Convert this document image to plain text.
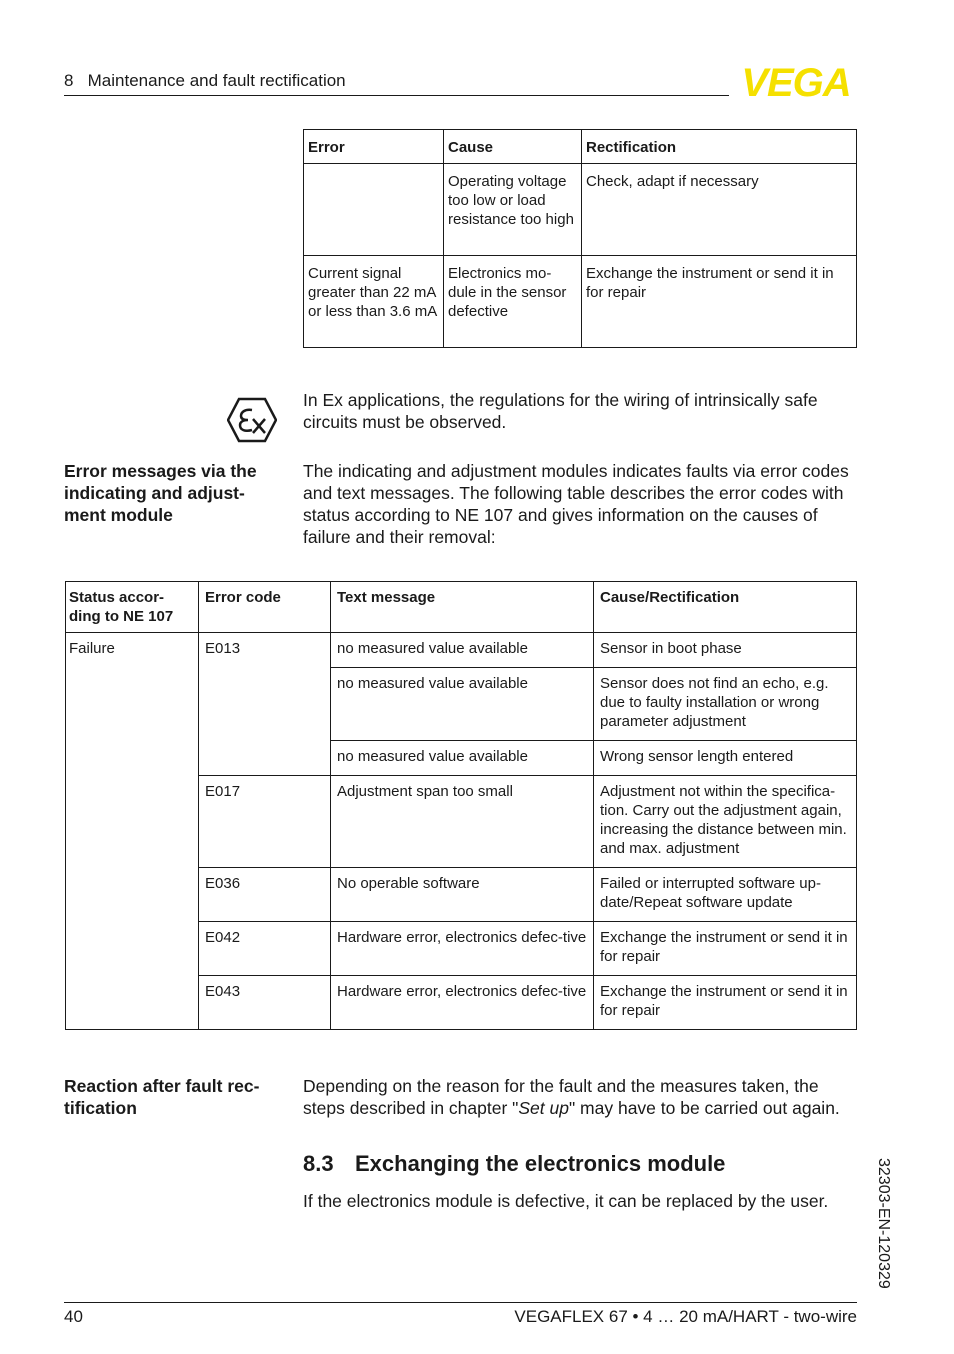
8 Maintenance and fault rectification	VEGA
Error	Cause	Rectification
	Operating voltage too low or load resistance too high	Check, adapt if necessary
Current signal greater than 22 mA or less than 3.6 mA	Electronics mo-dule in the sensor defective	Exchange the instrument or send it in for repair
In Ex applications, the regulations for the wiring of intrinsically safe circuits must be observed.
Error messages via the indicating and adjust-ment module
The indicating and adjustment modules indicates faults via error codes and text messages. The following table describes the error codes with status according to NE 107 and gives information on the causes of failure and their removal:
Status accor-ding to NE 107	Error code	Text message	Cause/Rectification
Failure	E013	no measured value available	Sensor in boot phase
		no measured value available	Sensor does not find an echo, e.g. due to faulty installation or wrong parameter adjustment
		no measured value available	Wrong sensor length entered
	E017	Adjustment span too small	Adjustment not within the specifica-tion. Carry out the adjustment again, increasing the distance between min. and max. adjustment
	E036	No operable software	Failed or interrupted software up-date/Repeat software update
	E042	Hardware error, electronics defec-tive	Exchange the instrument or send it in for repair
	E043	Hardware error, electronics defec-tive	Exchange the instrument or send it in for repair
Reaction after fault rec-tification
Depending on the reason for the fault and the measures taken, the steps described in chapter "Set up" may have to be carried out again.
8.3 Exchanging the electronics module
If the electronics module is defective, it can be replaced by the user.	32303-EN-120329
40	VEGAFLEX 67 • 4 … 20 mA/HART - two-wire
